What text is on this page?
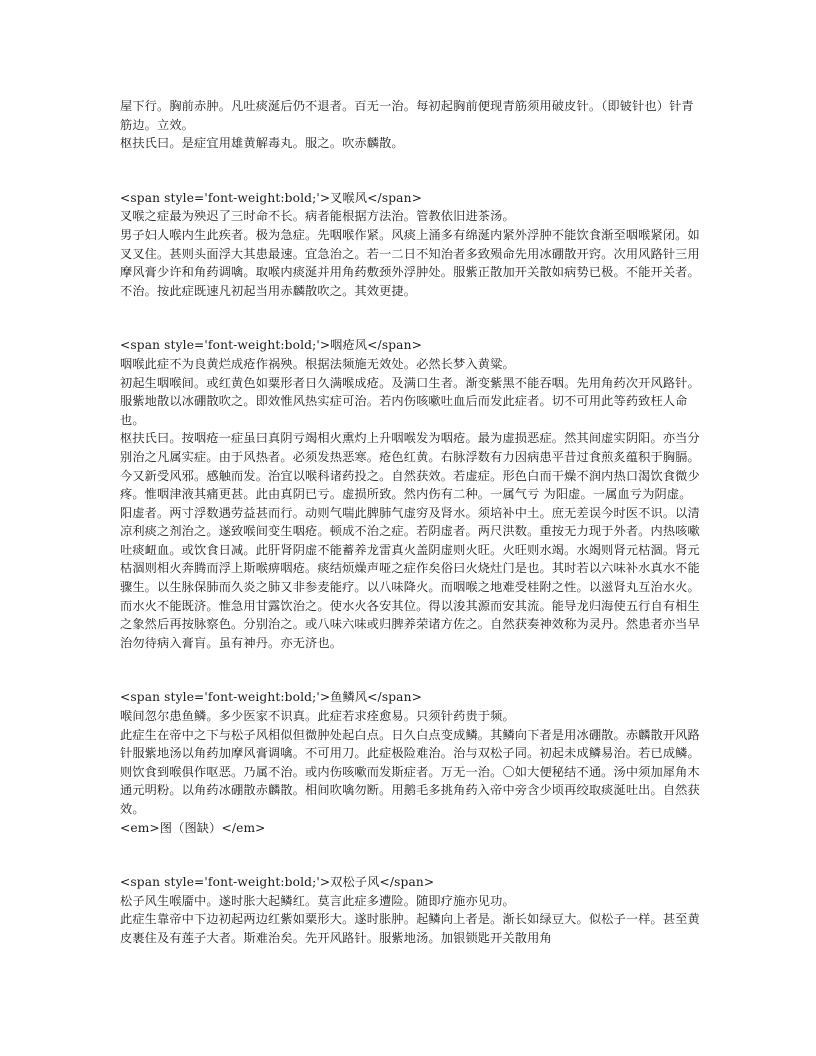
屋下行。胸前赤肿。凡吐痰涎后仍不退者。百无一治。每初起胸前便现青筋须用破皮针。（即铍针也）针青筋边。立效。

枢扶氏曰。是症宜用雄黄解毒丸。服之。吹赤麟散。

<span style='font-weight:bold;'>叉喉风</span>

叉喉之症最为殃迟了三时命不长。病者能根据方法治。管教依旧进茶汤。

男子妇人喉内生此疾者。极为急症。先咽喉作紧。风痰上涌多有绵涎内紧外浮肿不能饮食渐至咽喉紧闭。如叉叉住。甚则头面浮大其患最速。宜急治之。若一二日不知治者多致殒命先用冰硼散开窍。次用风路针三用摩风膏少许和角药调噙。取喉内痰涎并用角药敷颈外浮肿处。服紫正散加开关散如病势已极。不能开关者。不治。按此症既速凡初起当用赤麟散吹之。其效更捷。

<span style='font-weight:bold;'>咽疮风</span>

咽喉此症不为良黄烂成疮作祸殃。根据法频施无效处。必然长梦入黄粱。

初起生咽喉间。或红黄色如粟形者日久满喉成疮。及满口生者。渐变紫黑不能吞咽。先用角药次开风路针。服紫地散以冰硼散吹之。即效惟风热实症可治。若内伤咳嗽吐血后而发此症者。切不可用此等药致枉人命也。

枢扶氏曰。按咽疮一症虽曰真阴亏竭相火熏灼上升咽喉发为咽疮。最为虚损恶症。然其间虚实阴阳。亦当分别治之凡属实症。由于风热者。必须发热恶寒。疮色红黄。右脉浮数有力因病患平昔过食煎炙蕴积于胸膈。今又新受风邪。感触而发。治宜以喉科诸药投之。自然获效。若虚症。形色白而干燥不润内热口渴饮食微少疼。惟咽津液其痛更甚。此由真阴已亏。虚损所致。然内伤有二种。一属气亏 为阳虚。一属血亏为阴虚。阳虚者。两寸浮数遇劳益甚而行。动则气喘此脾肺气虚穷及肾水。须培补中土。庶无差误今时医不识。以清凉利痰之剂治之。遂致喉间变生咽疮。顿成不治之症。若阴虚者。两尺洪数。重按无力现于外者。内热咳嗽吐痰衄血。或饮食日减。此肝肾阴虚不能蓄养龙雷真火盖阴虚则火旺。火旺则水竭。水竭则肾元枯涸。肾元枯涸则相火奔腾而浮上斯喉痹咽疮。痰结烦燥声哑之症作矣俗曰火烧灶门是也。其时若以六味补水真水不能骤生。以生脉保肺而久炎之肺又非参麦能疗。以八味降火。而咽喉之地难受桂附之性。以滋肾丸互治水火。而水火不能既济。惟急用甘露饮治之。使水火各安其位。得以浚其源而安其流。能导龙归海使五行自有相生之象然后再按脉察色。分别治之。或八味六味或归脾养荣诸方佐之。自然获奏神效称为灵丹。然患者亦当早治勿待病入膏肓。虽有神丹。亦无济也。

<span style='font-weight:bold;'>鱼鳞风</span>

喉间忽尔患鱼鳞。多少医家不识真。此症若求痊愈易。只须针药贵于频。

此症生在帝中之下与松子风相似但微肿处起白点。日久白点变成鳞。其鳞向下者是用冰硼散。赤麟散开风路针服紫地汤以角药加摩风膏调噙。不可用刀。此症极险难治。治与双松子同。初起未成鳞易治。若已成鳞。则饮食到喉俱作呕恶。乃属不治。或内伤咳嗽而发斯症者。万无一治。〇如大便秘结不通。汤中须加犀角木通元明粉。以角药冰硼散赤麟散。相间吹噙勿断。用鹅毛多挑角药入帝中旁含少顷再绞取痰涎吐出。自然获效。

<em>图（图缺）</em>

<span style='font-weight:bold;'>双松子风</span>

松子风生喉靥中。遂时胀大起鳞红。莫言此症多遭险。随即疗施亦见功。

此症生靠帝中下边初起两边红紫如粟形大。遂时胀肿。起鳞向上者是。渐长如绿豆大。似松子一样。甚至黄皮裹住及有莲子大者。斯难治矣。先开风路针。服紫地汤。加银锁匙开关散用角
